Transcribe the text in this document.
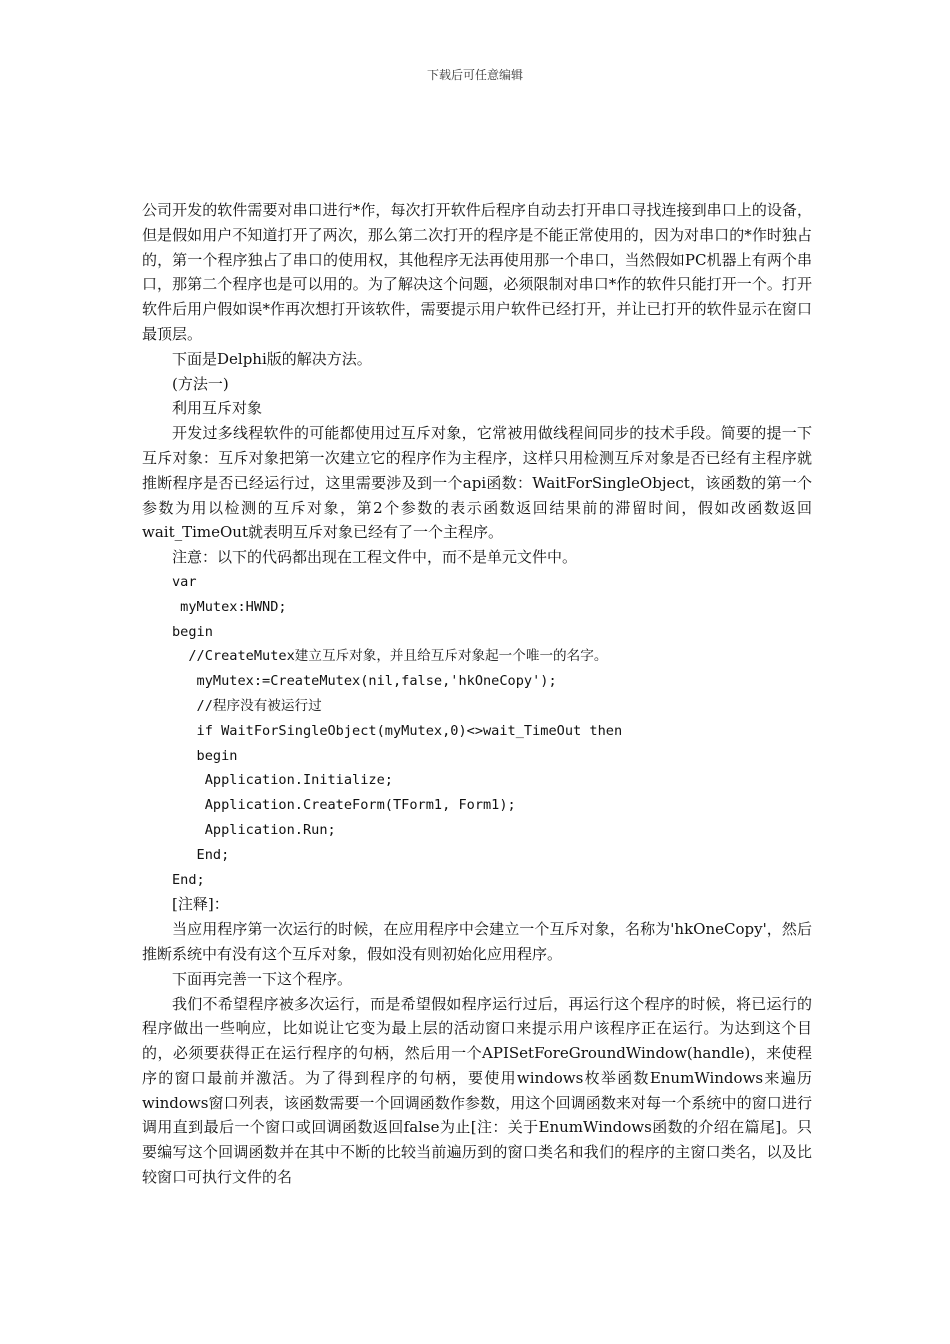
下载后可任意编辑

公司开发的软件需要对串口进行*作，每次打开软件后程序自动去打开串口寻找连接到串口上的设备，但是假如用户不知道打开了两次，那么第二次打开的程序是不能正常使用的，因为对串口的*作时独占的，第一个程序独占了串口的使用权，其他程序无法再使用那一个串口，当然假如PC机器上有两个串口，那第二个程序也是可以用的。为了解决这个问题，必须限制对串口*作的软件只能打开一个。打开软件后用户假如误*作再次想打开该软件，需要提示用户软件已经打开，并让已打开的软件显示在窗口最顶层。

下面是Delphi版的解决方法。

(方法一)

利用互斥对象

开发过多线程软件的可能都使用过互斥对象，它常被用做线程间同步的技术手段。简要的提一下互斥对象：互斥对象把第一次建立它的程序作为主程序，这样只用检测互斥对象是否已经有主程序就推断程序是否已经运行过，这里需要涉及到一个api函数：WaitForSingleObject，该函数的第一个参数为用以检测的互斥对象，第2个参数的表示函数返回结果前的滞留时间，假如改函数返回wait_TimeOut就表明互斥对象已经有了一个主程序。

注意：以下的代码都出现在工程文件中，而不是单元文件中。

var

myMutex:HWND;

begin

//CreateMutex建立互斥对象，并且给互斥对象起一个唯一的名字。

myMutex:=CreateMutex(nil,false,'hkOneCopy');

//程序没有被运行过

if WaitForSingleObject(myMutex,0)<>wait_TimeOut then

begin

Application.Initialize;

Application.CreateForm(TForm1, Form1);

Application.Run;

End;

End;

[注释]：

当应用程序第一次运行的时候，在应用程序中会建立一个互斥对象，名称为'hkOneCopy'，然后推断系统中有没有这个互斥对象，假如没有则初始化应用程序。

下面再完善一下这个程序。

我们不希望程序被多次运行，而是希望假如程序运行过后，再运行这个程序的时候，将已运行的程序做出一些响应，比如说让它变为最上层的活动窗口来提示用户该程序正在运行。为达到这个目的，必须要获得正在运行程序的句柄，然后用一个APISetForeGroundWindow(handle)，来使程序的窗口最前并激活。为了得到程序的句柄，要使用windows枚举函数EnumWindows来遍历windows窗口列表，该函数需要一个回调函数作参数，用这个回调函数来对每一个系统中的窗口进行调用直到最后一个窗口或回调函数返回false为止[注：关于EnumWindows函数的介绍在篇尾]。只要编写这个回调函数并在其中不断的比较当前遍历到的窗口类名和我们的程序的主窗口类名，以及比较窗口可执行文件的名
